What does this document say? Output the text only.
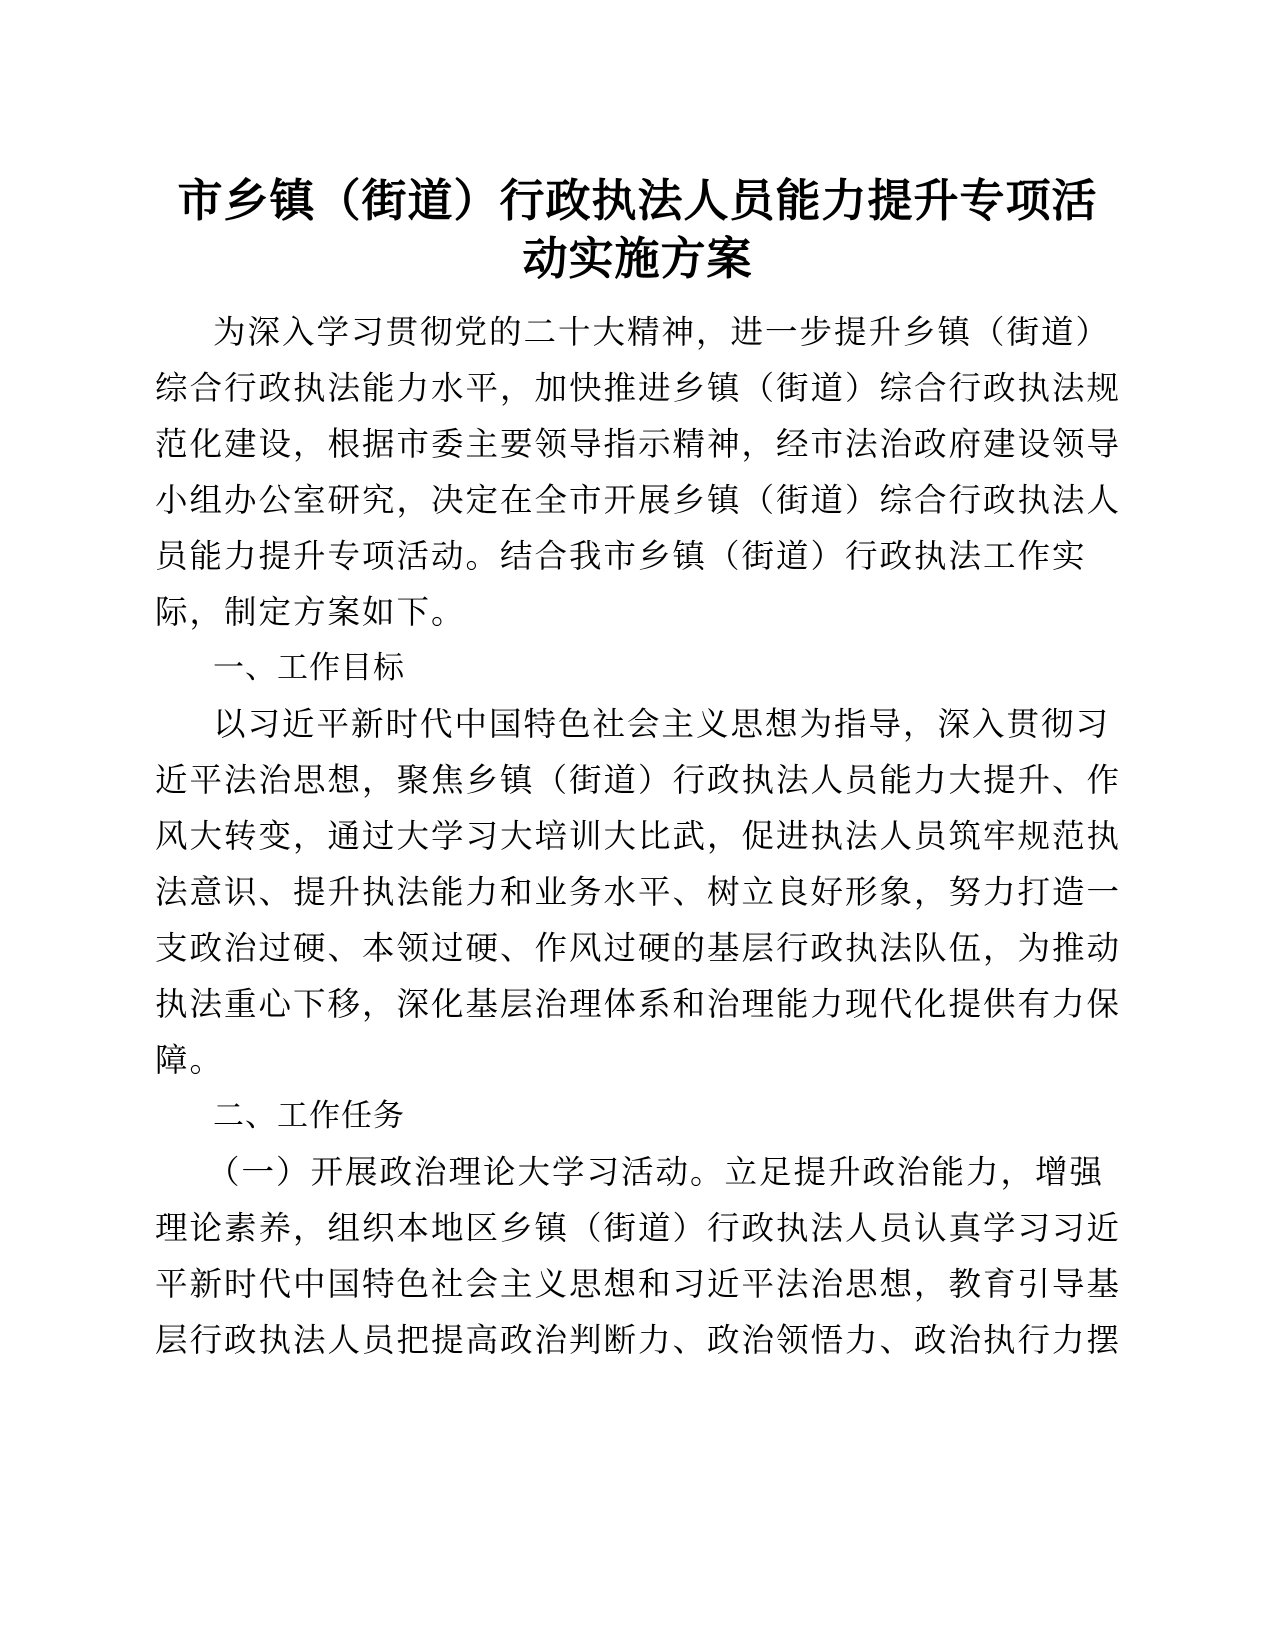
市乡镇（街道）行政执法人员能力提升专项活
动实施方案

为深入学习贯彻党的二十大精神，进一步提升乡镇（街道）

综合行政执法能力水平，加快推进乡镇（街道）综合行政执法规

范化建设，根据市委主要领导指示精神，经市法治政府建设领导

小组办公室研究，决定在全市开展乡镇（街道）综合行政执法人

员能力提升专项活动。结合我市乡镇（街道）行政执法工作实

际，制定方案如下。

一、工作目标

以习近平新时代中国特色社会主义思想为指导，深入贯彻习

近平法治思想，聚焦乡镇（街道）行政执法人员能力大提升、作

风大转变，通过大学习大培训大比武，促进执法人员筑牢规范执

法意识、提升执法能力和业务水平、树立良好形象，努力打造一

支政治过硬、本领过硬、作风过硬的基层行政执法队伍，为推动

执法重心下移，深化基层治理体系和治理能力现代化提供有力保

障。

二、工作任务

（一）开展政治理论大学习活动。立足提升政治能力，增强

理论素养，组织本地区乡镇（街道）行政执法人员认真学习习近

平新时代中国特色社会主义思想和习近平法治思想，教育引导基

层行政执法人员把提高政治判断力、政治领悟力、政治执行力摆
